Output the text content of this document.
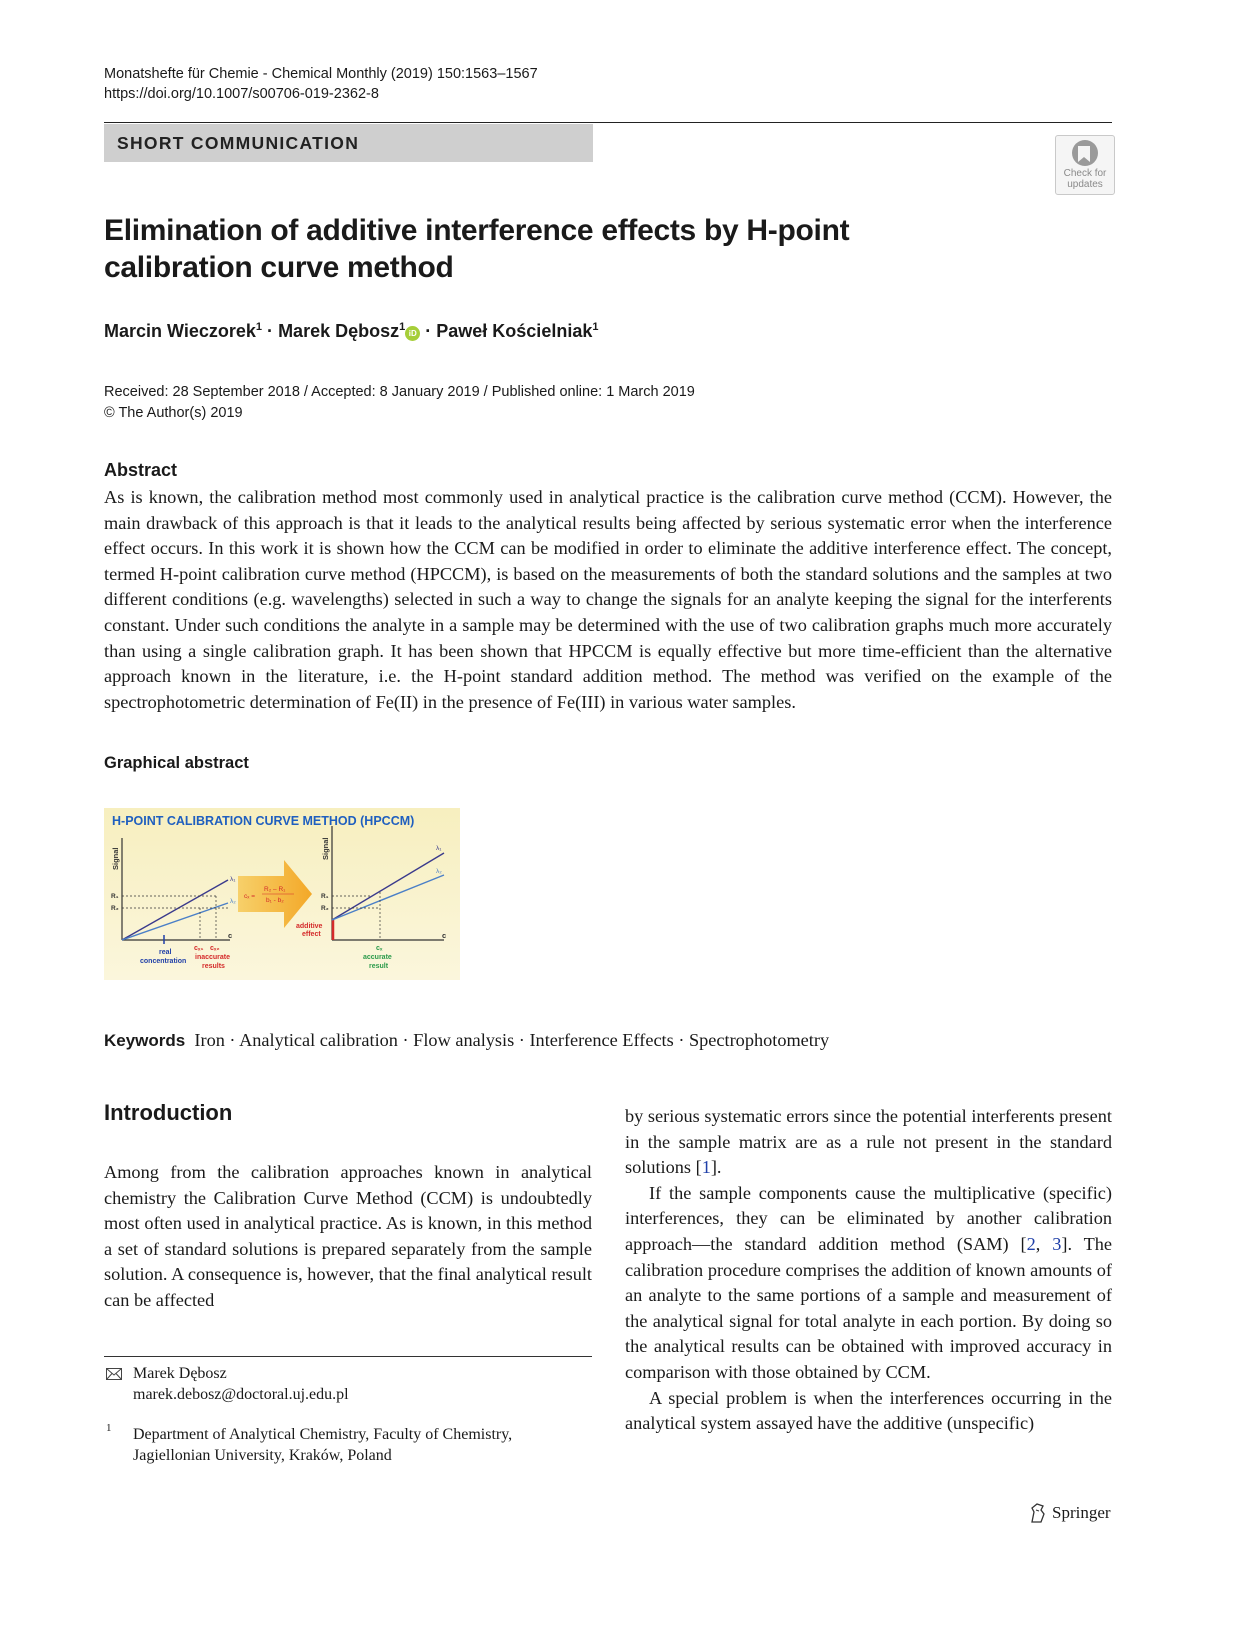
Monatshefte für Chemie - Chemical Monthly (2019) 150:1563–1567
https://doi.org/10.1007/s00706-019-2362-8
SHORT COMMUNICATION
Check for updates
Elimination of additive interference effects by H-point calibration curve method
Marcin Wieczorek$^1$ · Marek Dębosz$^1$iD · Paweł Kościelniak$^1$
Received: 28 September 2018 / Accepted: 8 January 2019 / Published online: 1 March 2019
© The Author(s) 2019
Abstract
As is known, the calibration method most commonly used in analytical practice is the calibration curve method (CCM). However, the main drawback of this approach is that it leads to the analytical results being affected by serious systematic error when the interference effect occurs. In this work it is shown how the CCM can be modified in order to eliminate the additive interference effect. The concept, termed H-point calibration curve method (HPCCM), is based on the measurements of both the standard solutions and the samples at two different conditions (e.g. wavelengths) selected in such a way to change the signals for an analyte keeping the signal for the interferents constant. Under such conditions the analyte in a sample may be determined with the use of two calibration graphs much more accurately than using a single calibration graph. It has been shown that HPCCM is equally effective but more time-efficient than the alternative approach known in the literature, i.e. the H-point standard addition method. The method was verified on the example of the spectrophotometric determination of Fe(II) in the presence of Fe(III) in various water samples.
Graphical abstract
H-POINT CALIBRATION CURVE METHOD (HPCCM)
Signal
c
λ₁
λ₂
R₁
R₂
real
concentration
cₓ₁ cₓ₂
inaccurate
results
cₓ =
R₂ – R₁
b₁ - b₂
Signal
c
λ₁
λ₂
R₁
R₂
additive
effect
cₓ
accurate
result
Keywords Iron · Analytical calibration · Flow analysis · Interference Effects · Spectrophotometry
Introduction
Among from the calibration approaches known in analytical chemistry the Calibration Curve Method (CCM) is undoubtedly most often used in analytical practice. As is known, in this method a set of standard solutions is prepared separately from the sample solution. A consequence is, however, that the final analytical result can be affected

by serious systematic errors since the potential interferents present in the sample matrix are as a rule not present in the standard solutions [1].

If the sample components cause the multiplicative (specific) interferences, they can be eliminated by another calibration approach—the standard addition method (SAM) [2, 3]. The calibration procedure comprises the addition of known amounts of an analyte to the same portions of a sample and measurement of the analytical signal for total analyte in each portion. By doing so the analytical results can be obtained with improved accuracy in comparison with those obtained by CCM.

A special problem is when the interferences occurring in the analytical system assayed have the additive (unspecific)

Marek Dębosz
marek.debosz@doctoral.uj.edu.pl
1 Department of Analytical Chemistry, Faculty of Chemistry,
Jagiellonian University, Kraków, Poland
Springer
